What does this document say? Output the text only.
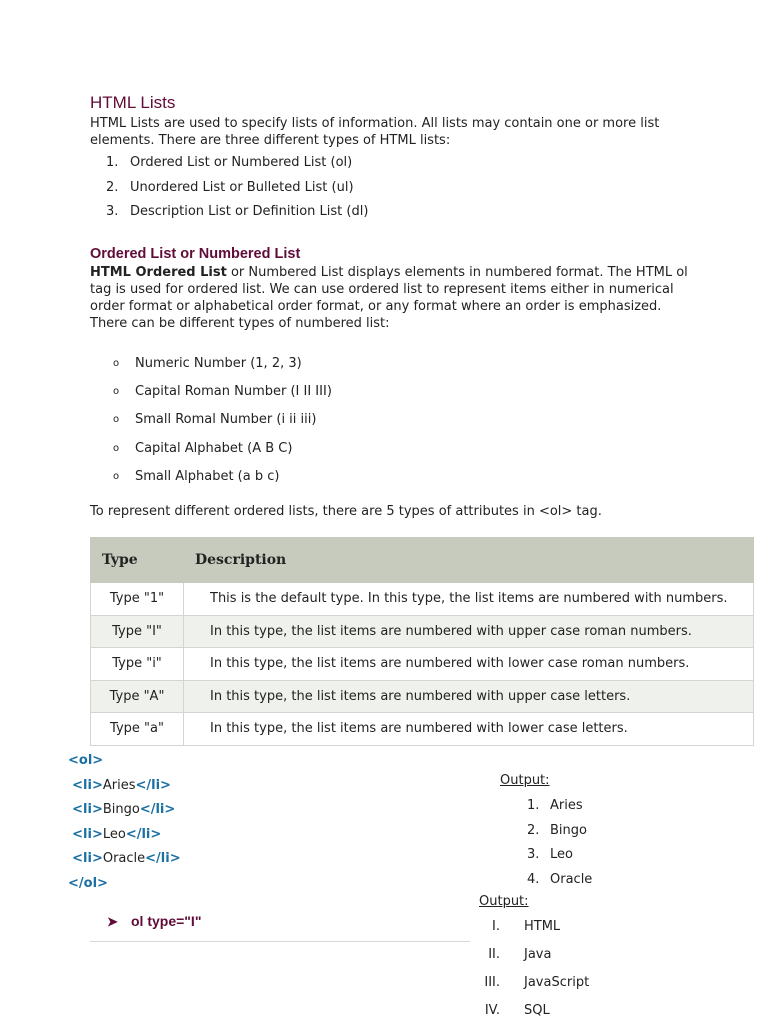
HTML Lists

HTML Lists are used to specify lists of information. All lists may contain one or more list elements. There are three different types of HTML lists:

1. Ordered List or Numbered List (ol)
2. Unordered List or Bulleted List (ul)
3. Description List or Definition List (dl)
Ordered List or Numbered List

HTML Ordered List or Numbered List displays elements in numbered format. The HTML ol tag is used for ordered list. We can use ordered list to represent items either in numerical order format or alphabetical order format, or any format where an order is emphasized. There can be different types of numbered list:

o Numeric Number (1, 2, 3)
o Capital Roman Number (I II III)
o Small Romal Number (i ii iii)
o Capital Alphabet (A B C)
o Small Alphabet (a b c)

To represent different ordered lists, there are 5 types of attributes in <ol> tag.

Type	Description
Type "1"	This is the default type. In this type, the list items are numbered with numbers.
Type "I"	In this type, the list items are numbered with upper case roman numbers.
Type "i"	In this type, the list items are numbered with lower case roman numbers.
Type "A"	In this type, the list items are numbered with upper case letters.
Type "a"	In this type, the list items are numbered with lower case letters.
<ol>
<li>Aries</li>
<li>Bingo</li>
<li>Leo</li>
<li>Oracle</li>
</ol>
Output:
1. Aries
2. Bingo
3. Leo
4. Oracle
➤ ol type="I"
Output:
I. HTML
II. Java
III. JavaScript
IV. SQL
